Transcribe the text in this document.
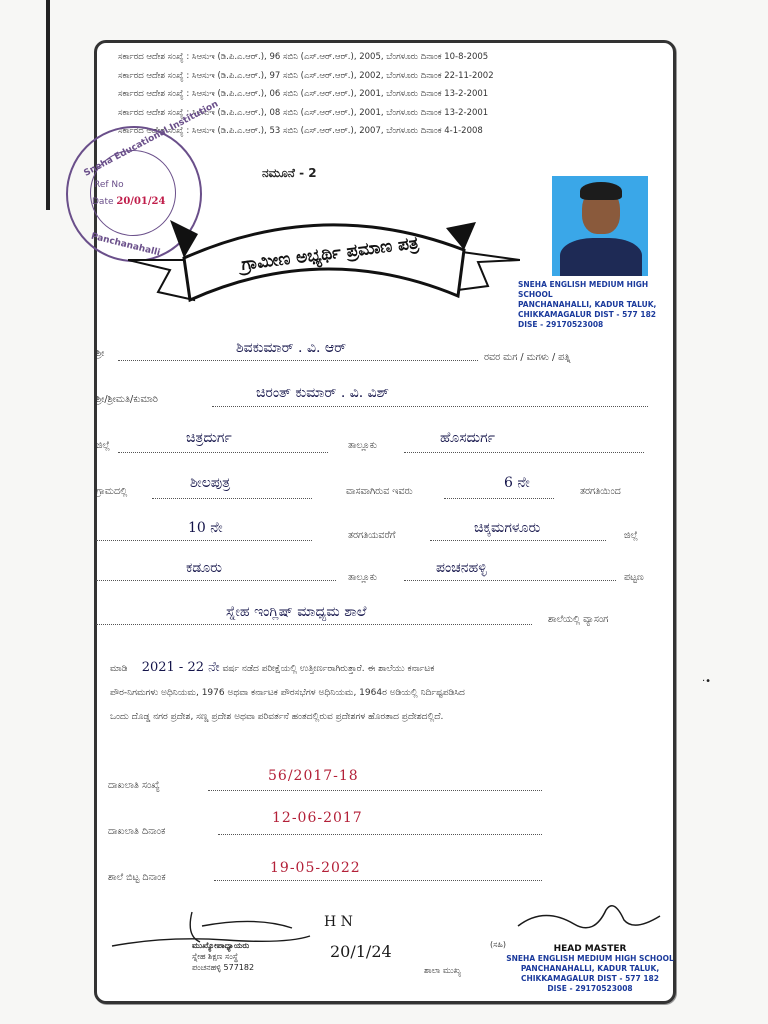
ಸರ್ಕಾರದ ಆದೇಶ ಸಂಖ್ಯೆ : ಸಿಆಸುಇ (ಡಿ.ಪಿ.ಎ.ಆರ್.), 96 ಸಬಿನಿ (ಎಸ್.ಆರ್.ಆರ್.), 2005, ಬೆಂಗಳೂರು ದಿನಾಂಕ 10-8-2005
ಸರ್ಕಾರದ ಆದೇಶ ಸಂಖ್ಯೆ : ಸಿಆಸುಇ (ಡಿ.ಪಿ.ಎ.ಆರ್.), 97 ಸಬಿನಿ (ಎಸ್.ಆರ್.ಆರ್.), 2002, ಬೆಂಗಳೂರು ದಿನಾಂಕ 22-11-2002
ಸರ್ಕಾರದ ಆದೇಶ ಸಂಖ್ಯೆ : ಸಿಆಸುಇ (ಡಿ.ಪಿ.ಎ.ಆರ್.), 06 ಸಬಿನಿ (ಎಸ್.ಆರ್.ಆರ್.), 2001, ಬೆಂಗಳೂರು ದಿನಾಂಕ 13-2-2001
ಸರ್ಕಾರದ ಆದೇಶ ಸಂಖ್ಯೆ : ಸಿಆಸುಇ (ಡಿ.ಪಿ.ಎ.ಆರ್.), 08 ಸಬಿನಿ (ಎಸ್.ಆರ್.ಆರ್.), 2001, ಬೆಂಗಳೂರು ದಿನಾಂಕ 13-2-2001
ಸರ್ಕಾರದ ಆದೇಶ ಸಂಖ್ಯೆ : ಸಿಆಸುಇ (ಡಿ.ಪಿ.ಎ.ಆರ್.), 53 ಸಬಿನಿ (ಎಸ್.ಆರ್.ಆರ್.), 2007, ಬೆಂಗಳೂರು ದಿನಾಂಕ 4-1-2008
Sneha Educational Institution
Panchanahalli
Ref No
Date 20/01/24
ನಮೂನೆ - 2
ಗ್ರಾಮೀಣ ಅಭ್ಯರ್ಥಿ ಪ್ರಮಾಣ ಪತ್ರ
SNEHA ENGLISH MEDIUM HIGH SCHOOL
PANCHANAHALLI, KADUR TALUK,
CHIKKAMAGALUR DIST - 577 182
DISE - 29170523008
ಶ್ರೀ	ಶಿವಕುಮಾರ್ . ವಿ. ಆರ್
ರವರ ಮಗ / ಮಗಳು / ಪತ್ನಿ
ಶ್ರೀ/ಶ್ರೀಮತಿ/ಕುಮಾರಿ	ಚಿರಂತ್ ಕುಮಾರ್ . ವಿ. ವಿಶ್
ಜಿಲ್ಲೆ	ಚಿತ್ರದುರ್ಗ	ತಾಲ್ಲೂಕು	ಹೊಸದುರ್ಗ
ಗ್ರಾಮದಲ್ಲಿ
ಶೀಲಪುತ್ರ
ವಾಸವಾಗಿರುವ ಇವರು
6 ನೇ
ತರಗತಿಯಿಂದ
10 ನೇ	ತರಗತಿಯವರೆಗೆ	ಚಿಕ್ಕಮಗಳೂರು	ಜಿಲ್ಲೆ
ಕಡೂರು
ತಾಲ್ಲೂಕು
ಪಂಚನಹಳ್ಳಿ
ಪಟ್ಟಣ
ಸ್ನೇಹ ಇಂಗ್ಲಿಷ್ ಮಾಧ್ಯಮ ಶಾಲೆ	ಶಾಲೆಯಲ್ಲಿ ವ್ಯಾಸಂಗ
ಮಾಡಿ 2021 - 22 ನೇ ವರ್ಷ ನಡೆದ ಪರೀಕ್ಷೆಯಲ್ಲಿ ಉತ್ತೀರ್ಣರಾಗಿರುತ್ತಾರೆ. ಈ ಶಾಲೆಯು ಕರ್ನಾಟಕ
ಪೌರ-ನಿಗಮಗಳು ಅಧಿನಿಯಮ, 1976 ಅಥವಾ ಕರ್ನಾಟಕ ಪೌರಸಭೆಗಳ ಅಧಿನಿಯಮ, 1964ರ ಅಡಿಯಲ್ಲಿ ನಿರ್ದಿಷ್ಟಪಡಿಸಿದ
ಒಂದು ದೊಡ್ಡ ನಗರ ಪ್ರದೇಶ, ಸಣ್ಣ ಪ್ರದೇಶ ಅಥವಾ ಪರಿವರ್ತನೆ ಹಂತದಲ್ಲಿರುವ ಪ್ರದೇಶಗಳ ಹೊರತಾದ ಪ್ರದೇಶದಲ್ಲಿದೆ.
ದಾಖಲಾತಿ ಸಂಖ್ಯೆ
56/2017-18
ದಾಖಲಾತಿ ದಿನಾಂಕ
12-06-2017
ಶಾಲೆ ಬಿಟ್ಟ ದಿನಾಂಕ
19-05-2022
H N
20/1/24
ಮುಖ್ಯೋಪಾಧ್ಯಾಯರು
ಸ್ನೇಹ ಶಿಕ್ಷಣ ಸಂಸ್ಥೆ
ಪಂಚನಹಳ್ಳಿ 577182	ಶಾಲಾ ಮುಖ್ಯ
(ಸಹಿ)	HEAD MASTER
SNEHA ENGLISH MEDIUM HIGH SCHOOL
PANCHANAHALLI, KADUR TALUK,
CHIKKAMAGALUR DIST - 577 182
DISE - 29170523008
·•
